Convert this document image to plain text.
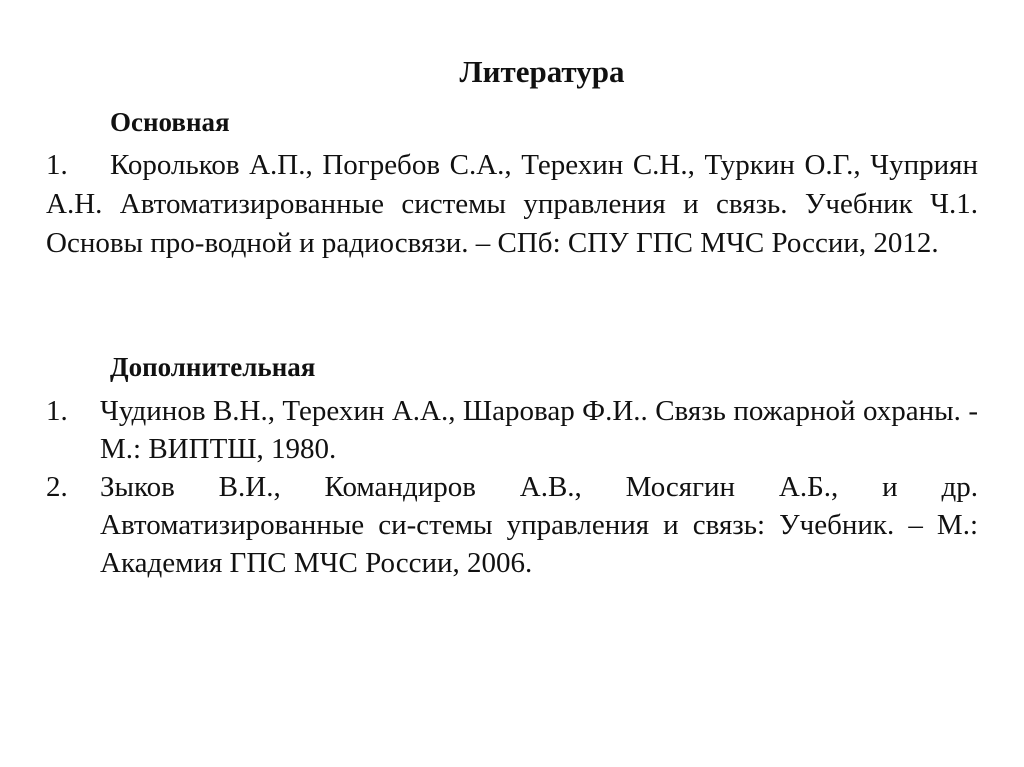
Литература
Основная
1. Корольков А.П., Погребов С.А., Терехин С.Н., Туркин О.Г., Чуприян А.Н. Автоматизированные системы управления и связь. Учебник Ч.1. Основы про-водной и радиосвязи. – СПб: СПУ ГПС МЧС России, 2012.
Дополнительная
1.	Чудинов В.Н., Терехин А.А., Шаровар Ф.И.. Связь пожарной охраны. - М.: ВИПТШ, 1980.
2.	Зыков В.И., Командиров А.В., Мосягин А.Б., и др. Автоматизированные си-стемы управления и связь: Учебник. – М.: Академия ГПС МЧС России, 2006.
